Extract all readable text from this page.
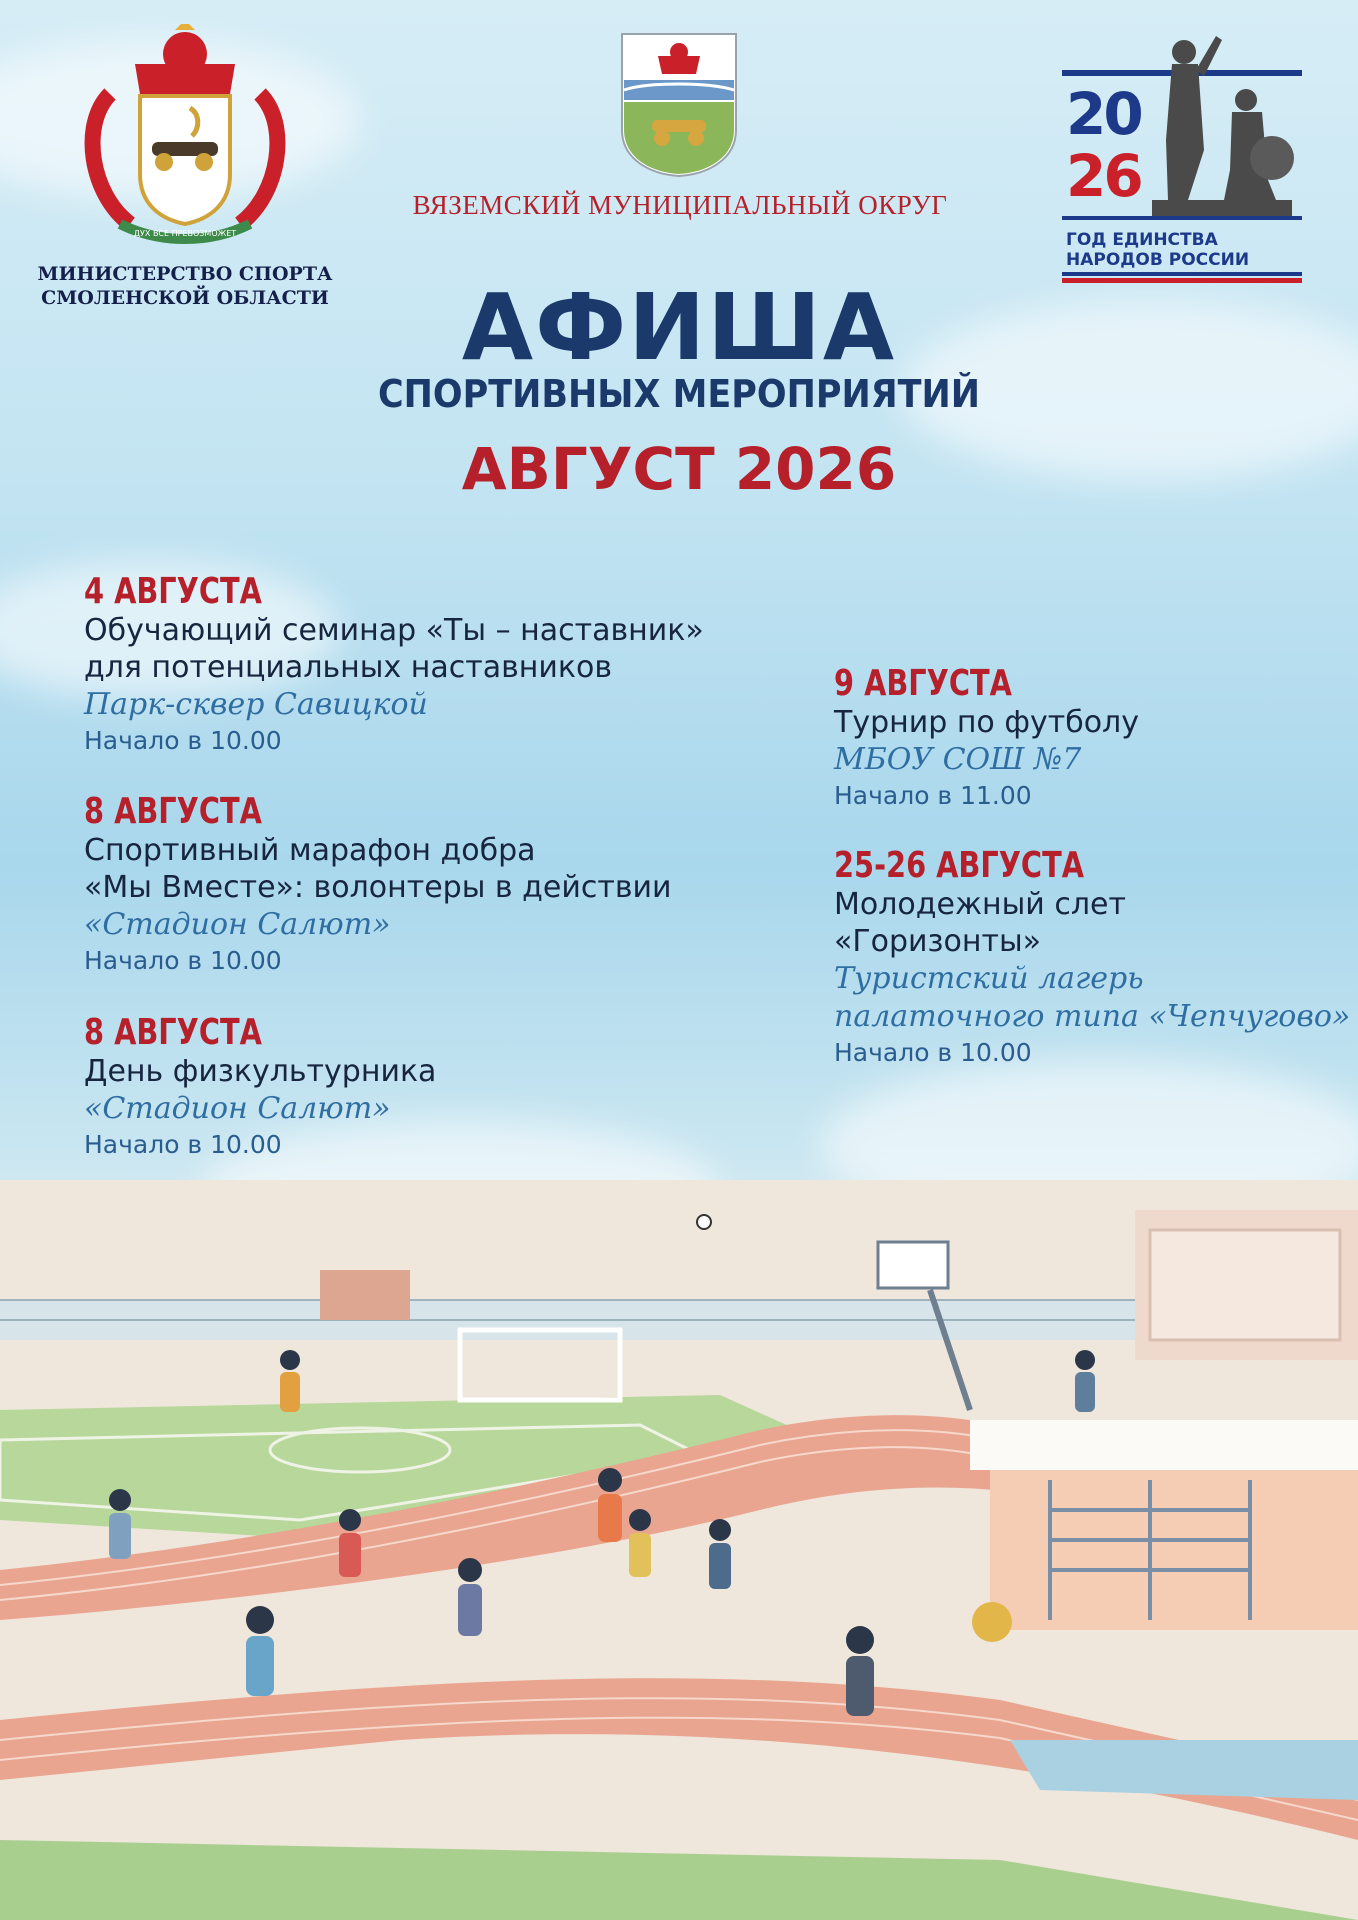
ДУХ ВСЕ ПРЕВОЗМОЖЕТ
МИНИСТЕРСТВО СПОРТА
СМОЛЕНСКОЙ ОБЛАСТИ
ВЯЗЕМСКИЙ МУНИЦИПАЛЬНЫЙ ОКРУГ
20
26
ГОД ЕДИНСТВА
НАРОДОВ РОССИИ
АФИША
СПОРТИВНЫХ МЕРОПРИЯТИЙ
АВГУСТ 2026
4 АВГУСТА
Обучающий семинар «Ты – наставник»
для потенциальных наставников
Парк-сквер Савицкой
Начало в 10.00
8 АВГУСТА
Спортивный марафон добра
«Мы Вместе»: волонтеры в действии
«Стадион Салют»
Начало в 10.00
8 АВГУСТА
День физкультурника
«Стадион Салют»
Начало в 10.00
9 АВГУСТА
Турнир по футболу
МБОУ СОШ №7
Начало в 11.00
25-26 АВГУСТА
Молодежный слет
«Горизонты»
Туристский лагерь
палаточного типа «Чепчугово»
Начало в 10.00
